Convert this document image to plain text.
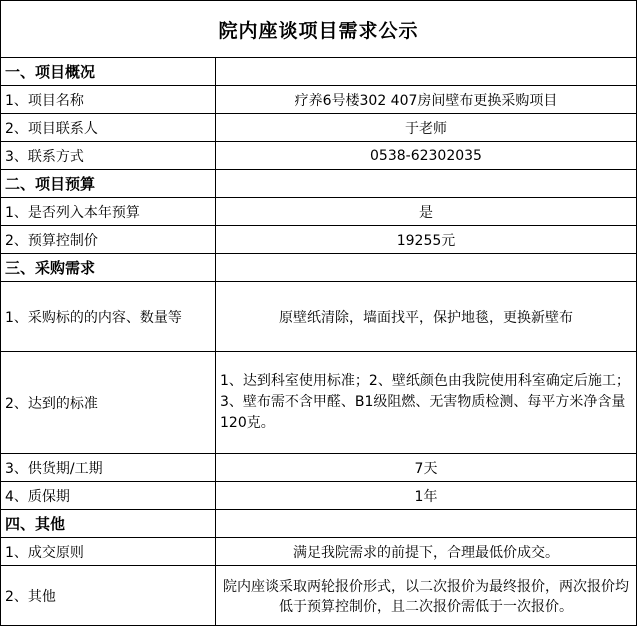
院内座谈项目需求公示
一、项目概况	
1、项目名称	疗养6号楼302 407房间壁布更换采购项目
2、项目联系人	于老师
3、联系方式	0538-62302035
二、项目预算	
1、是否列入本年预算	是
2、预算控制价	19255元
三、采购需求	
1、采购标的的内容、数量等	原壁纸清除，墙面找平，保护地毯，更换新壁布
2、达到的标准	1、达到科室使用标准；2、壁纸颜色由我院使用科室确定后施工；3、壁布需不含甲醛、B1级阻燃、无害物质检测、每平方米净含量120克。
3、供货期/工期	7天
4、质保期	1年
四、其他	
1、成交原则	满足我院需求的前提下，合理最低价成交。
2、其他	院内座谈采取两轮报价形式，以二次报价为最终报价，两次报价均低于预算控制价，且二次报价需低于一次报价。
